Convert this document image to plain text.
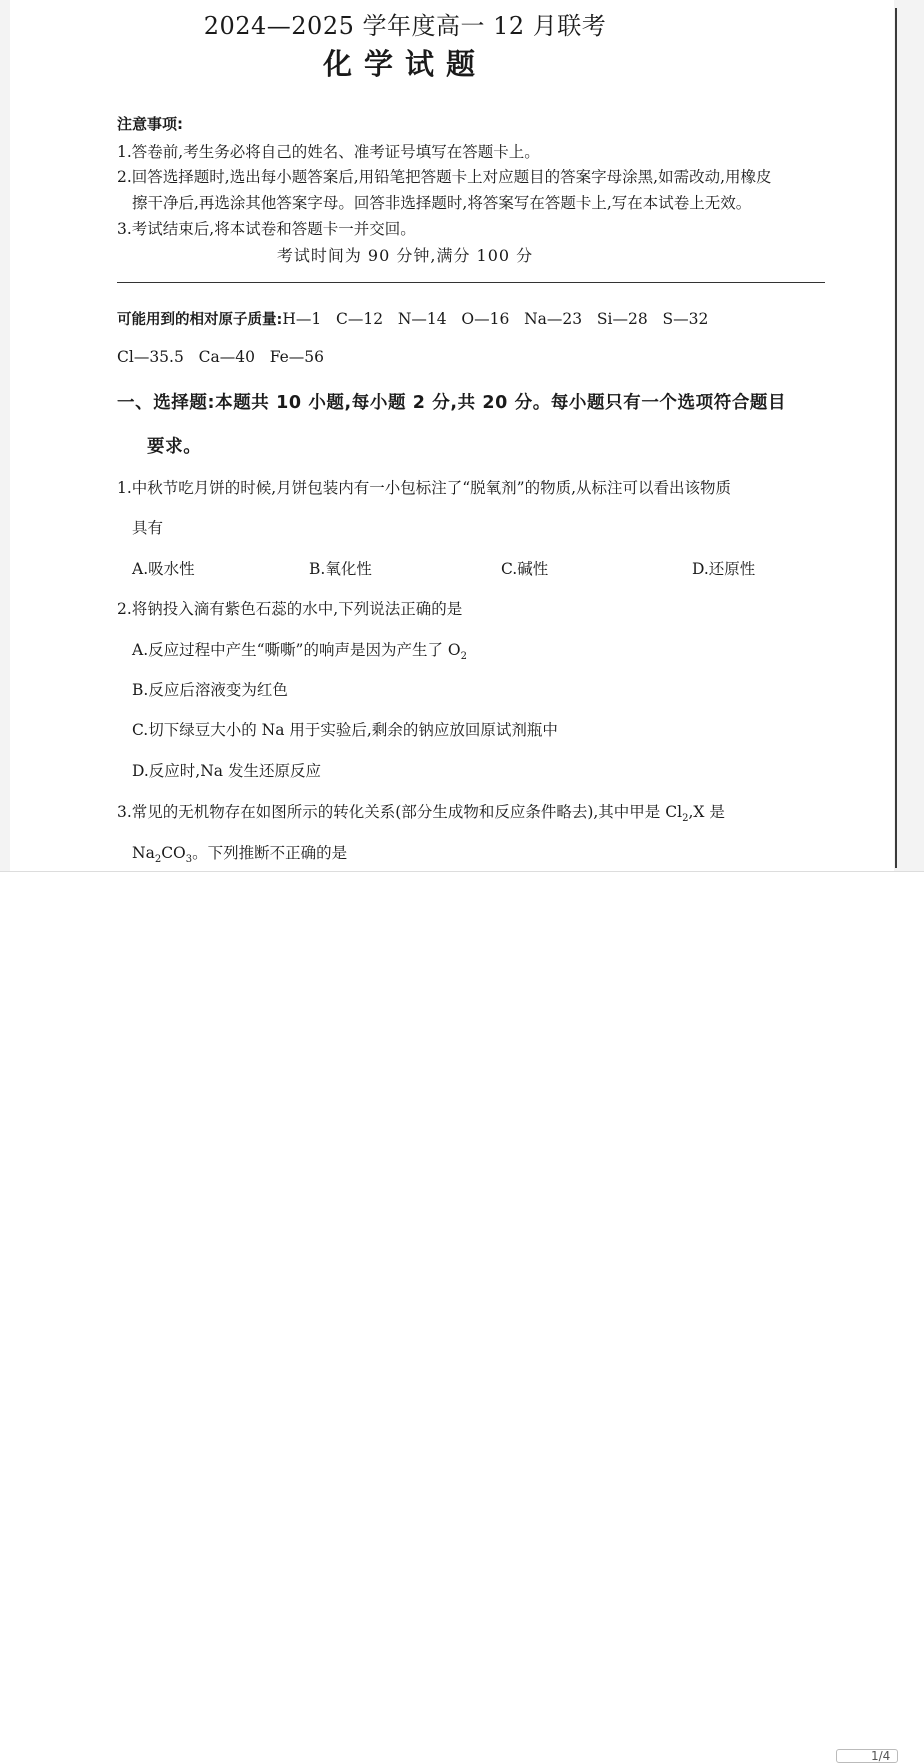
2024—2025 学年度高一 12 月联考
化学试题
注意事项:
1.答卷前,考生务必将自己的姓名、准考证号填写在答题卡上。
2.回答选择题时,选出每小题答案后,用铅笔把答题卡上对应题目的答案字母涂黑,如需改动,用橡皮
擦干净后,再选涂其他答案字母。回答非选择题时,将答案写在答题卡上,写在本试卷上无效。
3.考试结束后,将本试卷和答题卡一并交回。
考试时间为 90 分钟,满分 100 分
可能用到的相对原子质量:H—1   C—12   N—14   O—16   Na—23   Si—28   S—32
Cl—35.5   Ca—40   Fe—56
一、选择题:本题共 10 小题,每小题 2 分,共 20 分。每小题只有一个选项符合题目
要求。
1.中秋节吃月饼的时候,月饼包装内有一小包标注了“脱氧剂”的物质,从标注可以看出该物质
具有
A.吸水性	B.氧化性	C.碱性	D.还原性
2.将钠投入滴有紫色石蕊的水中,下列说法正确的是
A.反应过程中产生“嘶嘶”的响声是因为产生了 $O_2$
B.反应后溶液变为红色
C.切下绿豆大小的 Na 用于实验后,剩余的钠应放回原试剂瓶中
D.反应时,Na 发生还原反应
3.常见的无机物存在如图所示的转化关系(部分生成物和反应条件略去),其中甲是 $Cl_2,X$ 是
$Na_2CO_3$。下列推断不正确的是
1/4
